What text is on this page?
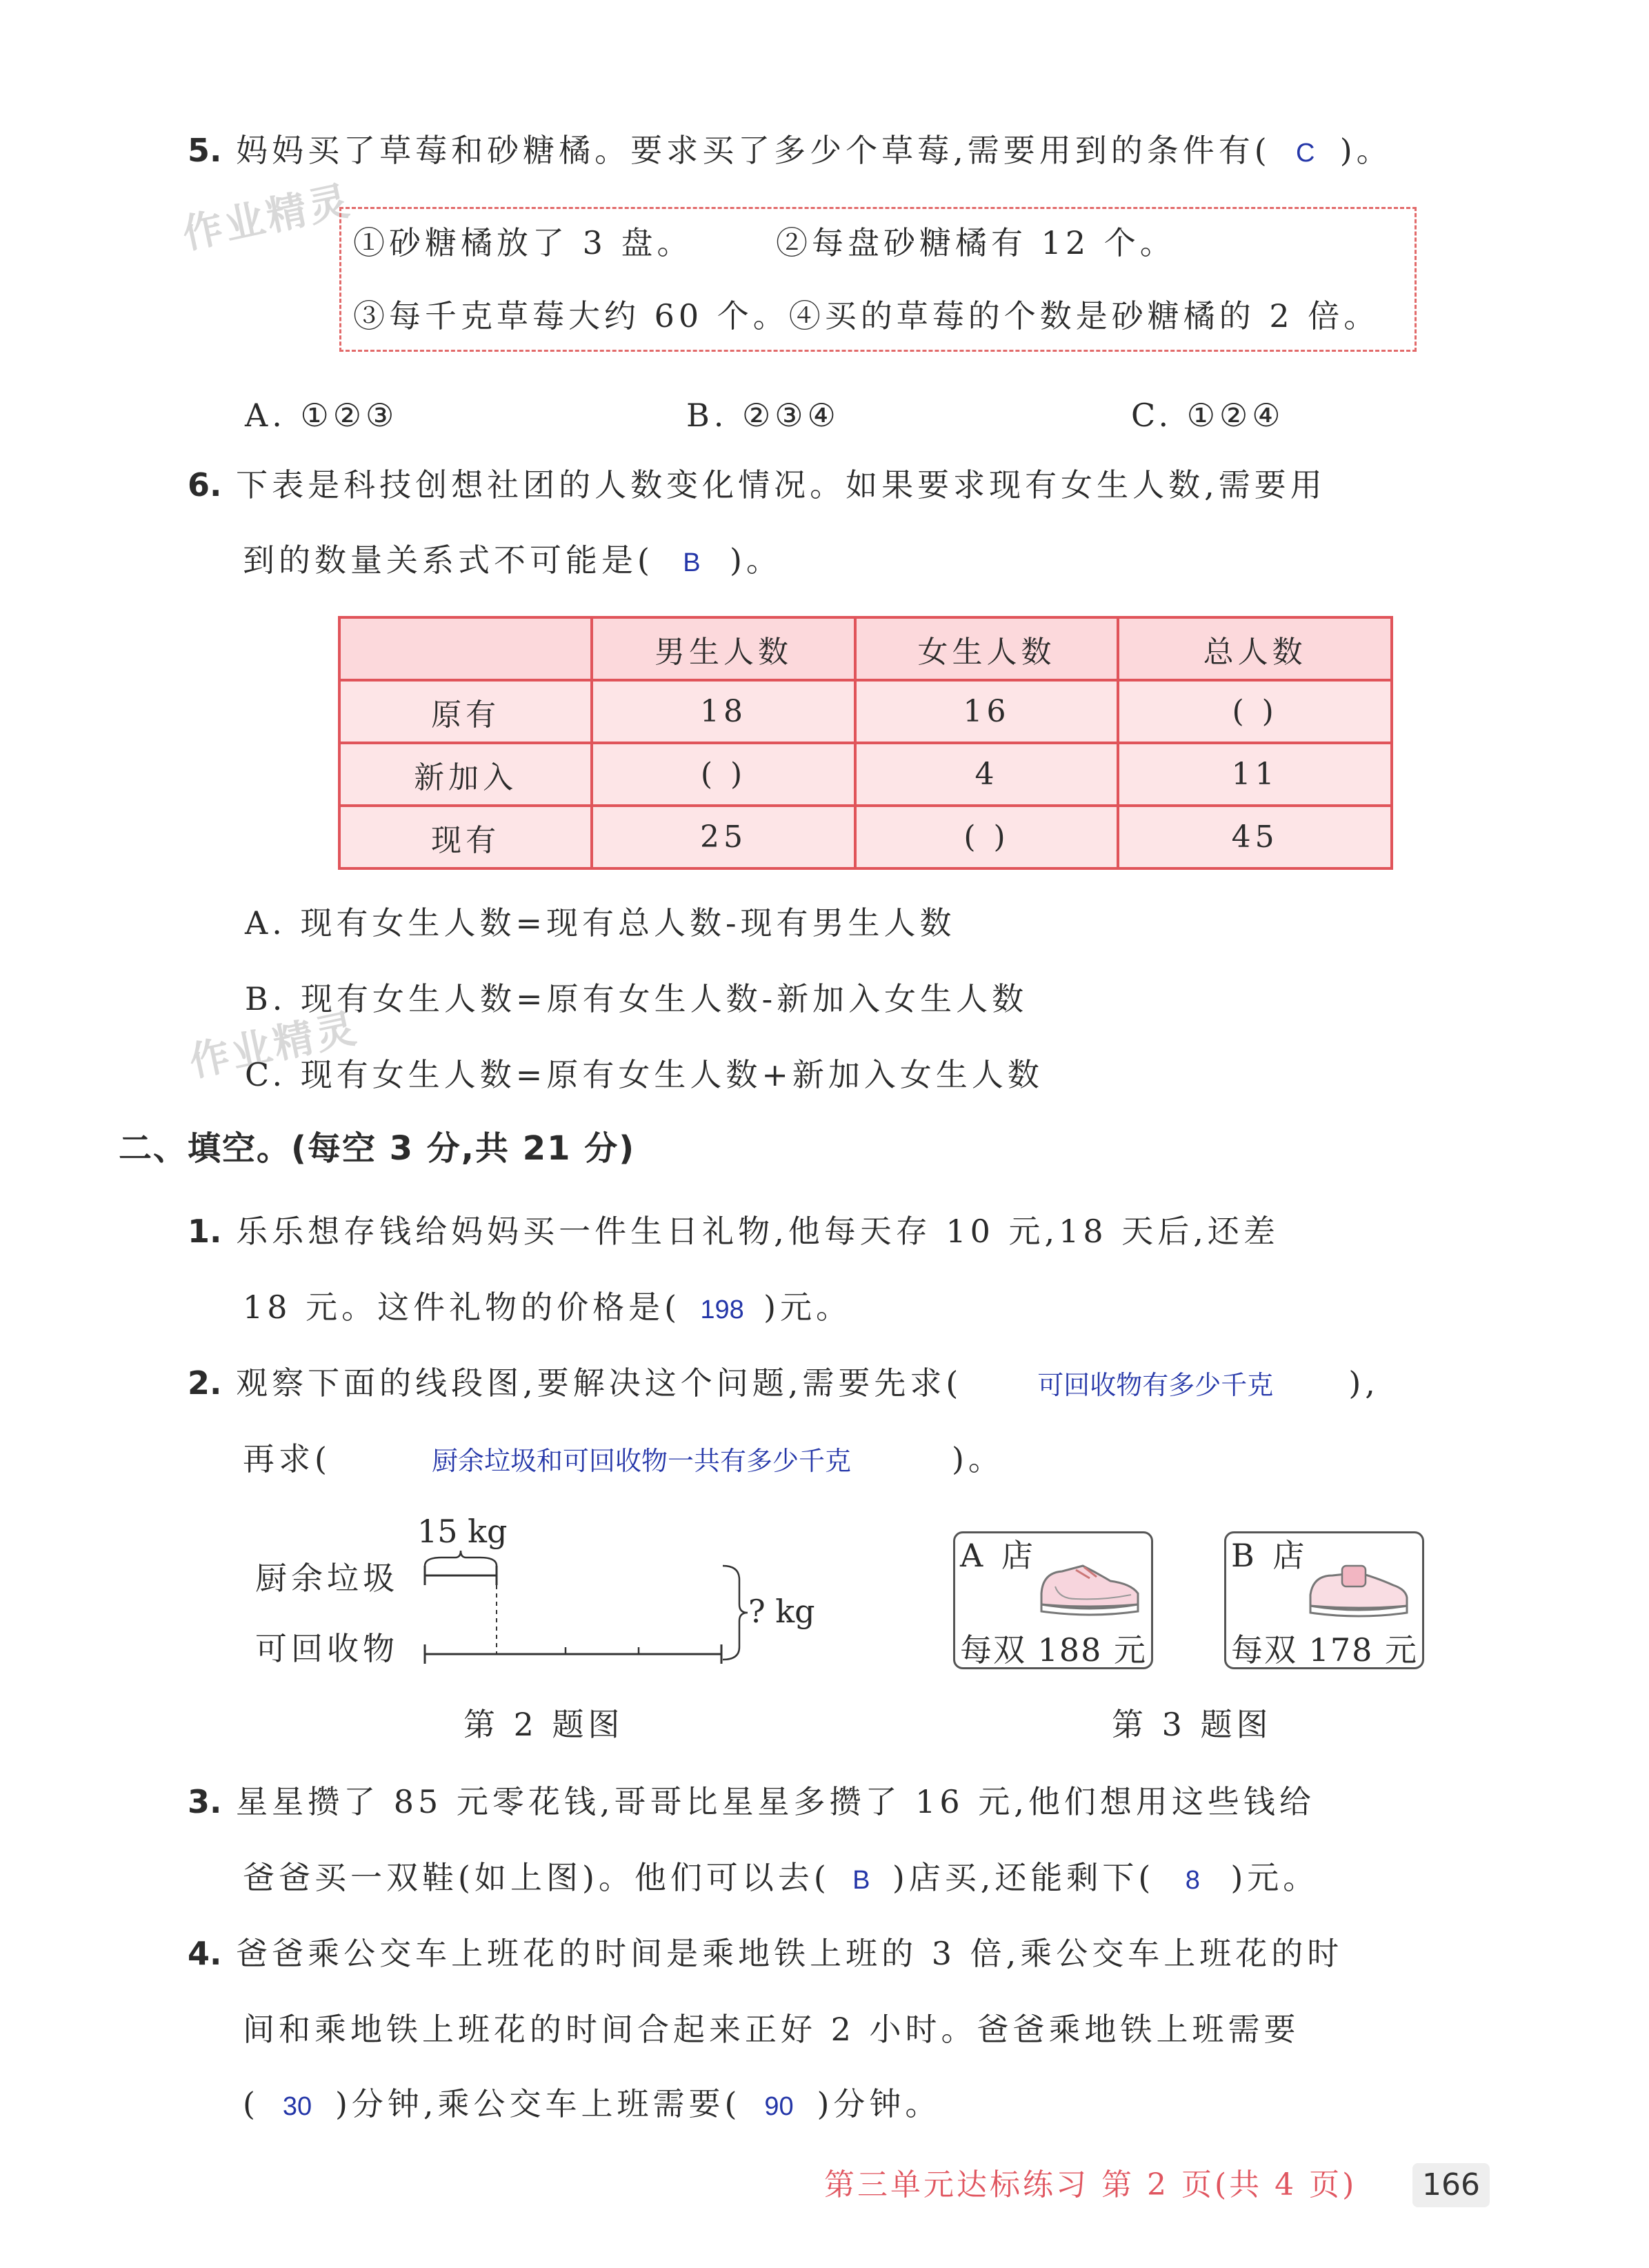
作业精灵
作业精灵
5. 妈妈买了草莓和砂糖橘。要求买了多少个草莓,需要用到的条件有( C )。
①砂糖橘放了 3 盘。	②每盘砂糖橘有 12 个。
③每千克草莓大约 60 个。④买的草莓的个数是砂糖橘的 2 倍。
A. ①②③	B. ②③④	C. ①②④
6. 下表是科技创想社团的人数变化情况。如果要求现有女生人数,需要用
到的数量关系式不可能是( B )。
	男生人数	女生人数	总人数
原有	18	16	( )
新加入	( )	4	11
现有	25	( )	45
A. 现有女生人数=现有总人数-现有男生人数
B. 现有女生人数=原有女生人数-新加入女生人数
C. 现有女生人数=原有女生人数+新加入女生人数
二、填空。(每空 3 分,共 21 分)
1. 乐乐想存钱给妈妈买一件生日礼物,他每天存 10 元,18 天后,还差
18 元。这件礼物的价格是( 198 )元。
2. 观察下面的线段图,要解决这个问题,需要先求(	可回收物有多少千克 ),
再求(	厨余垃圾和可回收物一共有多少千克	)。
15 kg
厨余垃圾
可回收物
? kg
第 2 题图
A 店
每双 188 元
B 店
每双 178 元
第 3 题图
3. 星星攒了 85 元零花钱,哥哥比星星多攒了 16 元,他们想用这些钱给
爸爸买一双鞋(如上图)。他们可以去( B )店买,还能剩下( 8 )元。
4. 爸爸乘公交车上班花的时间是乘地铁上班的 3 倍,乘公交车上班花的时
间和乘地铁上班花的时间合起来正好 2 小时。爸爸乘地铁上班需要
( 30 )分钟,乘公交车上班需要( 90 )分钟。
第三单元达标练习 第 2 页(共 4 页)	166
